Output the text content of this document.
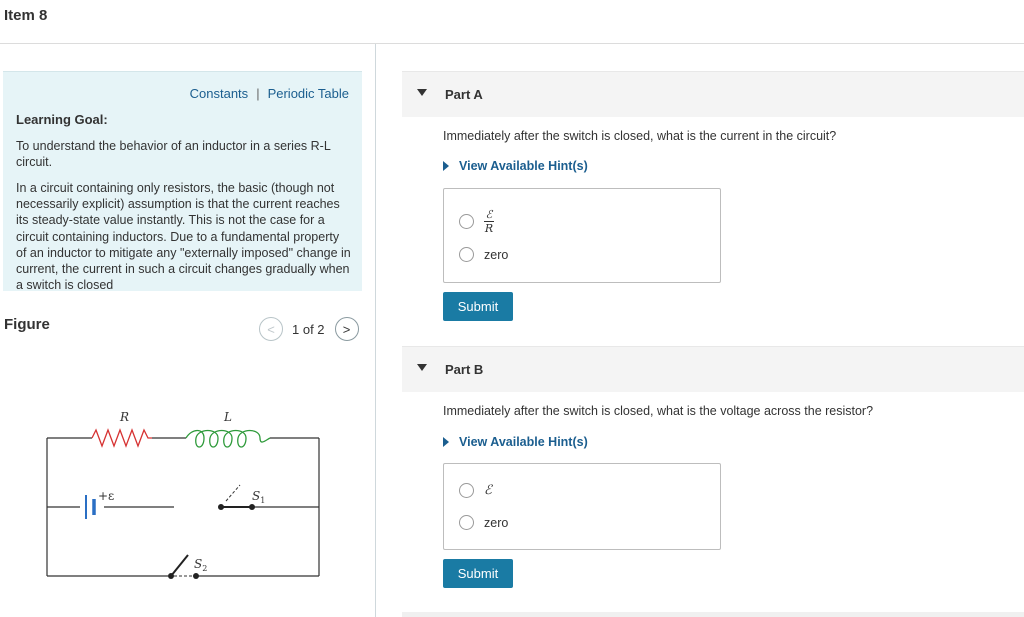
Item 8
Constants | Periodic Table
Learning Goal:
To understand the behavior of an inductor in a series R-L circuit.
In a circuit containing only resistors, the basic (though not necessarily explicit) assumption is that the current reaches its steady-state value instantly. This is not the case for a circuit containing inductors. Due to a fundamental property of an inductor to mitigate any "externally imposed" change in current, the current in such a circuit changes gradually when a switch is closed
Figure	< 1 of 2 >
R	L
+ε	$S_1$
$S_2$
Part A
Immediately after the switch is closed, what is the current in the circuit?
View Available Hint(s)
$\frac{\text{ℰ}}{R}$
zero
Submit
Part B
Immediately after the switch is closed, what is the voltage across the resistor?
View Available Hint(s)
ℰ
zero
Submit
